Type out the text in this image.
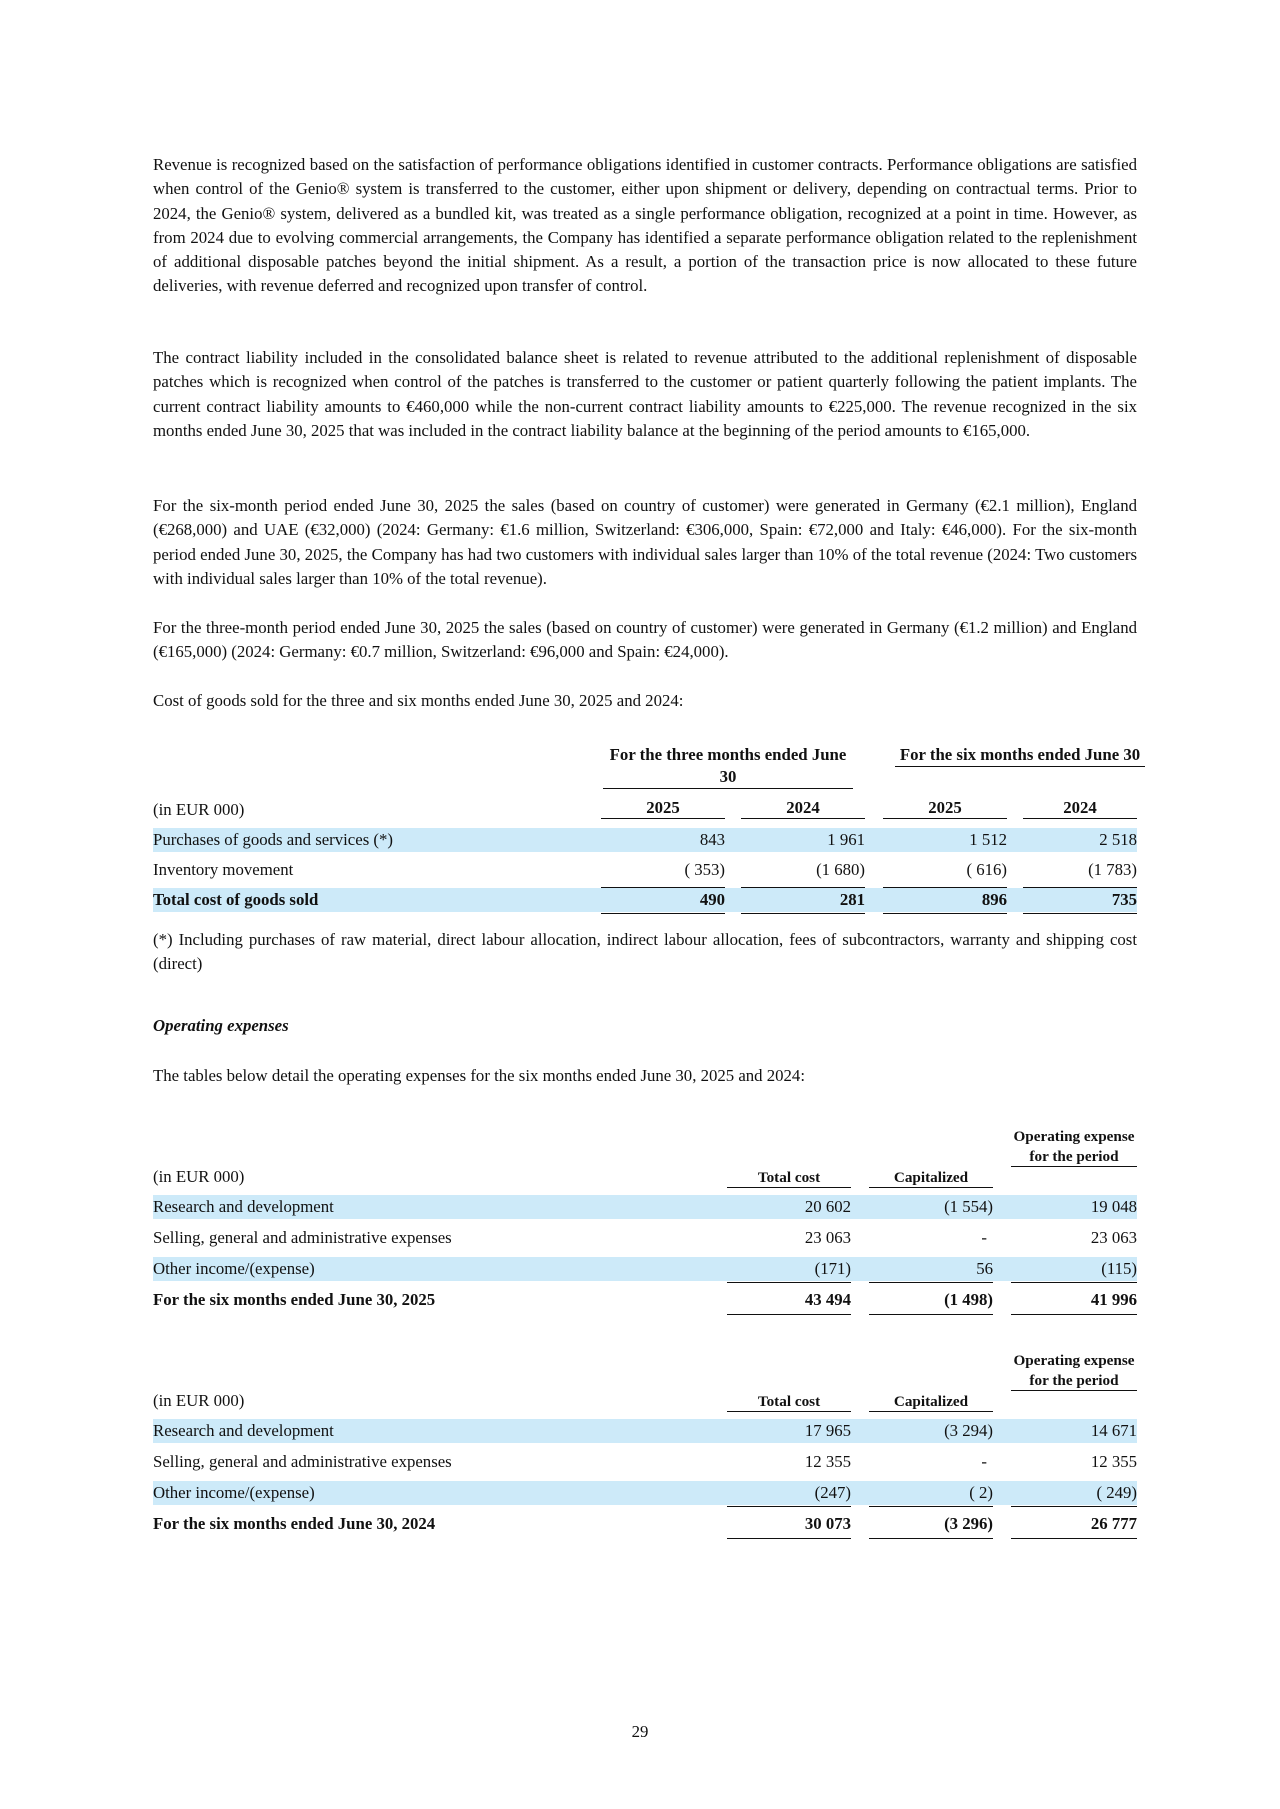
Revenue is recognized based on the satisfaction of performance obligations identified in customer contracts. Performance obligations are satisfied when control of the Genio® system is transferred to the customer, either upon shipment or delivery, depending on contractual terms. Prior to 2024, the Genio® system, delivered as a bundled kit, was treated as a single performance obligation, recognized at a point in time. However, as from 2024 due to evolving commercial arrangements, the Company has identified a separate performance obligation related to the replenishment of additional disposable patches beyond the initial shipment. As a result, a portion of the transaction price is now allocated to these future deliveries, with revenue deferred and recognized upon transfer of control.

The contract liability included in the consolidated balance sheet is related to revenue attributed to the additional replenishment of disposable patches which is recognized when control of the patches is transferred to the customer or patient quarterly following the patient implants. The current contract liability amounts to €460,000 while the non-current contract liability amounts to €225,000. The revenue recognized in the six months ended June 30, 2025 that was included in the contract liability balance at the beginning of the period amounts to €165,000.

For the six-month period ended June 30, 2025 the sales (based on country of customer) were generated in Germany (€2.1 million), England (€268,000) and UAE (€32,000) (2024: Germany: €1.6 million, Switzerland: €306,000, Spain: €72,000 and Italy: €46,000). For the six-month period ended June 30, 2025, the Company has had two customers with individual sales larger than 10% of the total revenue (2024: Two customers with individual sales larger than 10% of the total revenue).

For the three-month period ended June 30, 2025 the sales (based on country of customer) were generated in Germany (€1.2 million) and England (€165,000) (2024: Germany: €0.7 million, Switzerland: €96,000 and Spain: €24,000).

Cost of goods sold for the three and six months ended June 30, 2025 and 2024:

For the three months ended June 30
For the six months ended June 30
(in EUR 000)	2025	2024	2025	2024
Purchases of goods and services (*)	843	1 961	1 512	2 518
Inventory movement	( 353)	(1 680)	( 616)	(1 783)
Total cost of goods sold	490	281	896	735

(*) Including purchases of raw material, direct labour allocation, indirect labour allocation, fees of subcontractors, warranty and shipping cost (direct)

Operating expenses

The tables below detail the operating expenses for the six months ended June 30, 2025 and 2024:

(in EUR 000)	Total cost	Capitalized
Operating expense for the period
Research and development	20 602	(1 554)	19 048
Selling, general and administrative expenses	23 063	-	23 063
Other income/(expense)	(171)	56	(115)
For the six months ended June 30, 2025	43 494	(1 498)	41 996
(in EUR 000)	Total cost	Capitalized
Operating expense for the period
Research and development	17 965	(3 294)	14 671
Selling, general and administrative expenses	12 355	-	12 355
Other income/(expense)	(247)	( 2)	( 249)
For the six months ended June 30, 2024	30 073	(3 296)	26 777
29
